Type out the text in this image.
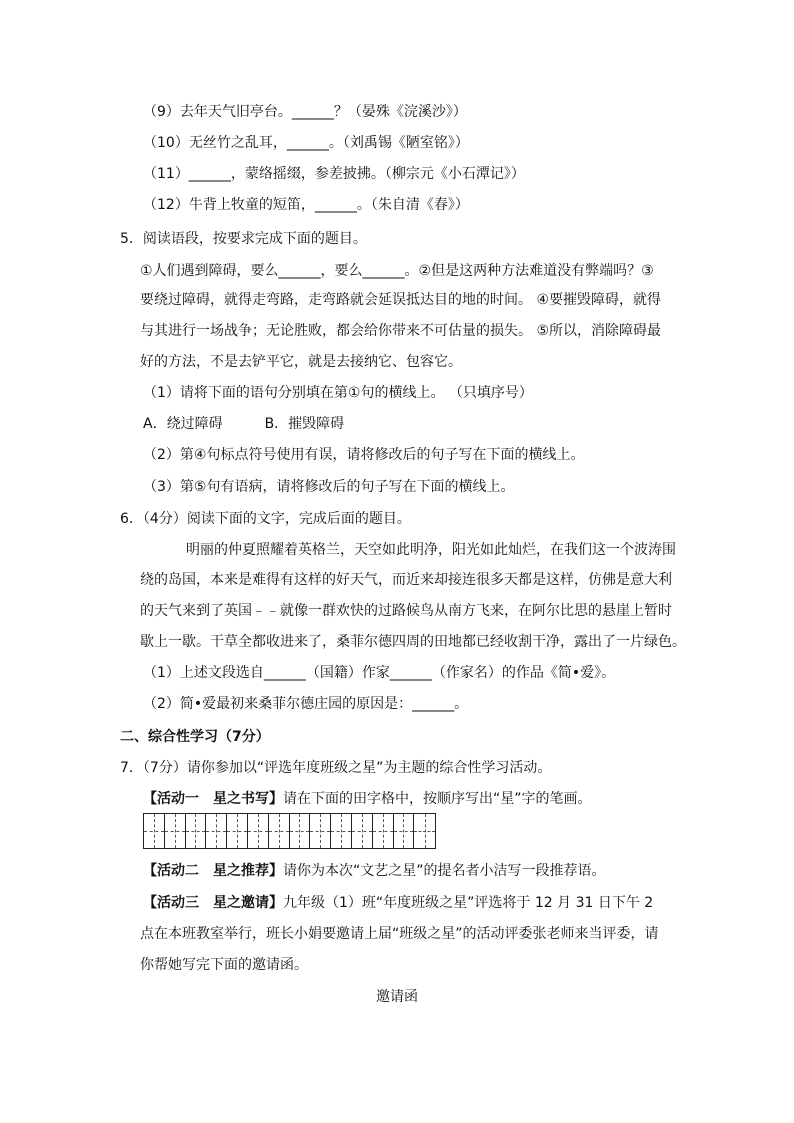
（9）去年天气旧亭台。______？（晏殊《浣溪沙》）
（10）无丝竹之乱耳，______。（刘禹锡《陋室铭》）
（11）______，蒙络摇缀，参差披拂。（柳宗元《小石潭记》）
（12）牛背上牧童的短笛，______。（朱自清《春》）
5．阅读语段，按要求完成下面的题目。
①人们遇到障碍，要么______，要么______。②但是这两种方法难道没有弊端吗？③
要绕过障碍，就得走弯路，走弯路就会延误抵达目的地的时间。 ④要摧毁障碍，就得
与其进行一场战争；无论胜败，都会给你带来不可估量的损失。 ⑤所以，消除障碍最
好的方法，不是去铲平它，就是去接纳它、包容它。
（1）请将下面的语句分别填在第①句的横线上。 （只填序号）
A．绕过障碍　　　B．摧毁障碍
（2）第④句标点符号使用有误，请将修改后的句子写在下面的横线上。
（3）第⑤句有语病，请将修改后的句子写在下面的横线上。
6．（4分）阅读下面的文字，完成后面的题目。
明丽的仲夏照耀着英格兰，天空如此明净，阳光如此灿烂，在我们这一个波涛围
绕的岛国，本来是难得有这样的好天气，而近来却接连很多天都是这样，仿佛是意大利
的天气来到了英国﹣﹣就像一群欢快的过路候鸟从南方飞来，在阿尔比思的悬崖上暂时
歇上一歇。干草全都收进来了，桑菲尔德四周的田地都已经收割干净，露出了一片绿色。
（1）上述文段选自______（国籍）作家______（作家名）的作品《简•爱》。
（2）简•爱最初来桑菲尔德庄园的原因是：______。
二、综合性学习（7分）
7．（7分）请你参加以“评选年度班级之星”为主题的综合性学习活动。
【活动一　星之书写】请在下面的田字格中，按顺序写出“星”字的笔画。
【活动二　星之推荐】请你为本次“文艺之星”的提名者小洁写一段推荐语。
【活动三　星之邀请】九年级（1）班“年度班级之星”评选将于 12 月 31 日下午 2
点在本班教室举行，班长小娟要邀请上届“班级之星”的活动评委张老师来当评委，请
你帮她写完下面的邀请函。
邀请函
